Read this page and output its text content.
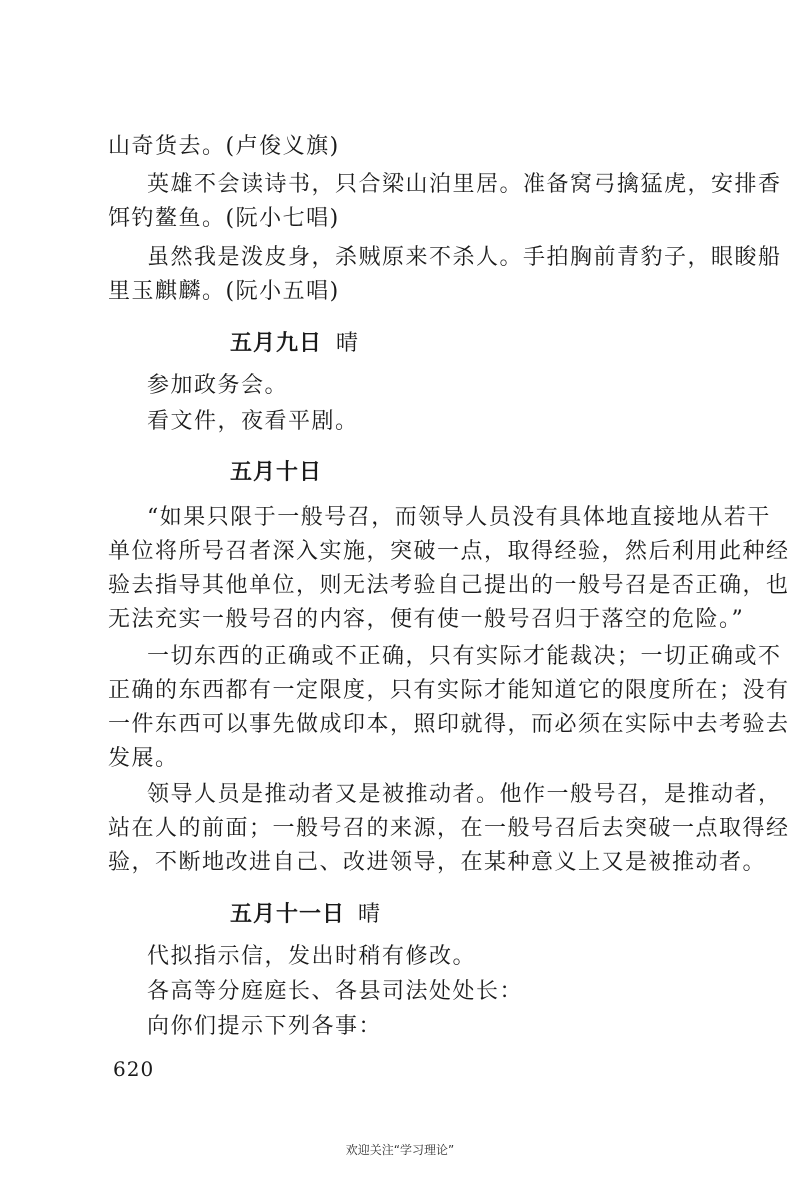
山奇货去。(卢俊义旗)
英雄不会读诗书，只合梁山泊里居。准备窝弓擒猛虎，安排香
饵钓鳌鱼。(阮小七唱)
虽然我是泼皮身，杀贼原来不杀人。手拍胸前青豹子，眼睃船
里玉麒麟。(阮小五唱)
五月九日 晴
参加政务会。
看文件，夜看平剧。
五月十日
“如果只限于一般号召，而领导人员没有具体地直接地从若干
单位将所号召者深入实施，突破一点，取得经验，然后利用此种经
验去指导其他单位，则无法考验自己提出的一般号召是否正确，也
无法充实一般号召的内容，便有使一般号召归于落空的危险。”
一切东西的正确或不正确，只有实际才能裁决；一切正确或不
正确的东西都有一定限度，只有实际才能知道它的限度所在；没有
一件东西可以事先做成印本，照印就得，而必须在实际中去考验去
发展。
领导人员是推动者又是被推动者。他作一般号召，是推动者，
站在人的前面；一般号召的来源，在一般号召后去突破一点取得经
验，不断地改进自己、改进领导，在某种意义上又是被推动者。
五月十一日 晴
代拟指示信，发出时稍有修改。
各高等分庭庭长、各县司法处处长：
向你们提示下列各事：
620
欢迎关注“学习理论”
